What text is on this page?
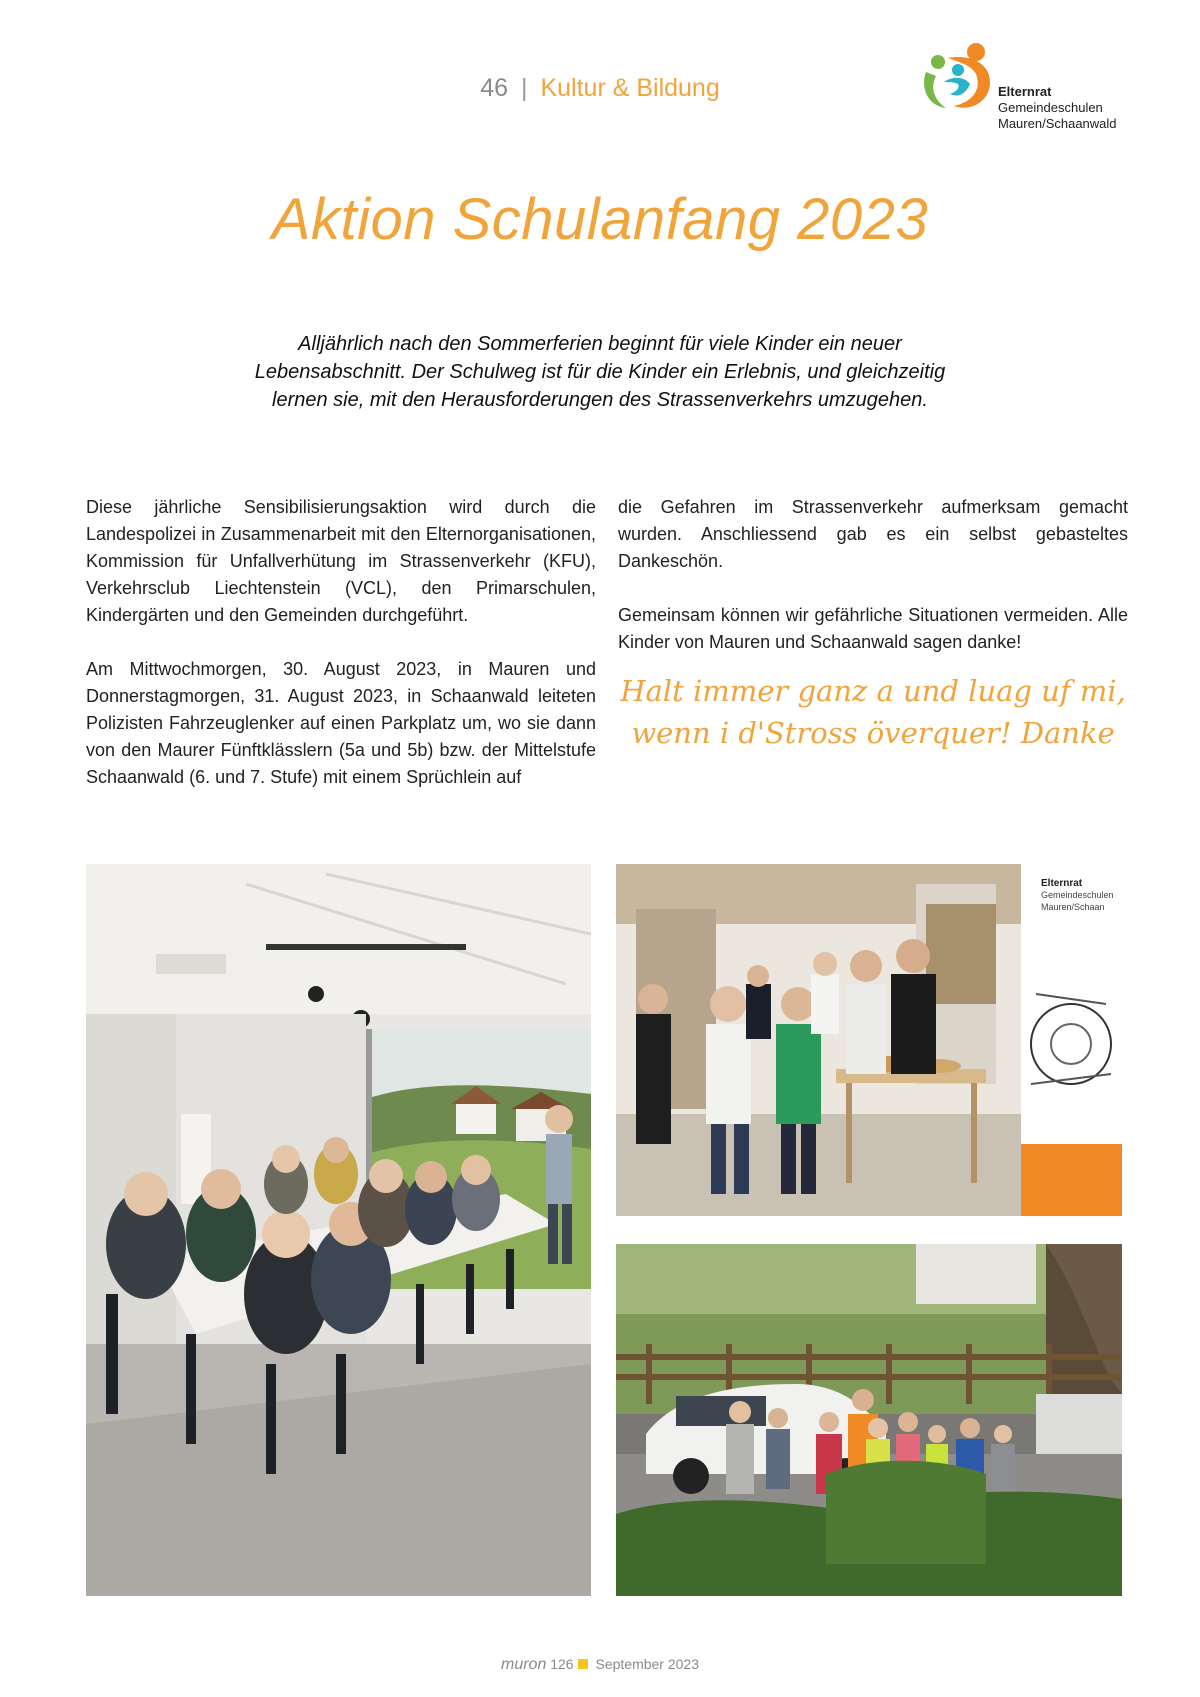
46 | Kultur & Bildung	Elternrat
Gemeindeschulen
Mauren/Schaanwald
Aktion Schulanfang 2023
Alljährlich nach den Sommerferien beginnt für viele Kinder ein neuer
Lebensabschnitt. Der Schulweg ist für die Kinder ein Erlebnis, und gleichzeitig
lernen sie, mit den Herausforderungen des Strassenverkehrs umzugehen.

Diese jährliche Sensibilisierungsaktion wird durch die Landespolizei in Zusammenarbeit mit den Elternorganisationen, Kommission für Unfallverhütung im Strassenverkehr (KFU), Verkehrsclub Liechtenstein (VCL), den Primarschulen, Kindergärten und den Gemeinden durchgeführt.

Am Mittwochmorgen, 30. August 2023, in Mauren und Donnerstagmorgen, 31. August 2023, in Schaanwald leiteten Polizisten Fahrzeuglenker auf einen Parkplatz um, wo sie dann von den Maurer Fünftklässlern (5a und 5b) bzw. der Mittelstufe Schaanwald (6. und 7. Stufe) mit einem Sprüchlein auf

die Gefahren im Strassenverkehr aufmerksam gemacht wurden. Anschliessend gab es ein selbst gebasteltes Dankeschön.

Gemeinsam können wir gefährliche Situationen vermeiden. Alle Kinder von Mauren und Schaanwald sagen danke!

Halt immer ganz a und luag uf mi,
wenn i d'Stross överquer! Danke
Elternrat
Gemeindeschulen
Mauren/Schaan
muron 126 September 2023
